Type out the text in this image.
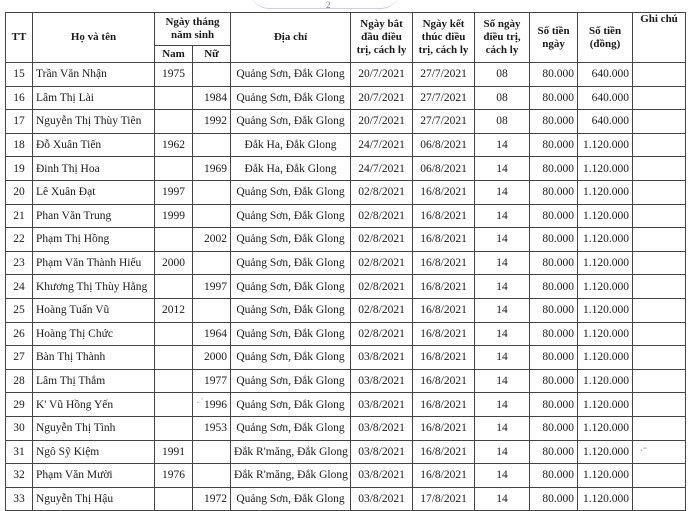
2
TT	Họ và tên	Ngày tháng năm sinh		Địa chỉ	Ngày bắt đầu điều trị, cách ly	Ngày kết thúc điều trị, cách ly	Số ngày điều trị, cách ly	Số tiền ngày	Số tiền (đồng)	Ghi chú
		Nam	Nữ							
15	Trần Văn Nhận	1975		Quảng Sơn, Đắk Glong	20/7/2021	27/7/2021	08	80.000	640.000	
16	Lâm Thị Lài		1984	Quảng Sơn, Đắk Glong	20/7/2021	27/7/2021	08	80.000	640.000	
17	Nguyễn Thị Thùy Tiên		1992	Quảng Sơn, Đắk Glong	20/7/2021	27/7/2021	08	80.000	640.000	
18	Đỗ Xuân Tiến	1962		Đắk Ha, Đắk Glong	24/7/2021	06/8/2021	14	80.000	1.120.000	
19	Đinh Thị Hoa		1969	Đắk Ha, Đắk Glong	24/7/2021	06/8/2021	14	80.000	1.120.000	
20	Lê Xuân Đạt	1997		Quảng Sơn, Đắk Glong	02/8/2021	16/8/2021	14	80.000	1.120.000	
21	Phan Văn Trung	1999		Quảng Sơn, Đắk Glong	02/8/2021	16/8/2021	14	80.000	1.120.000	
22	Phạm Thị Hồng		2002	Quảng Sơn, Đắk Glong	02/8/2021	16/8/2021	14	80.000	1.120.000	
23	Phạm Văn Thành Hiếu	2000		Quảng Sơn, Đắk Glong	02/8/2021	16/8/2021	14	80.000	1.120.000	
24	Khương Thị Thùy Hằng		1997	Quảng Sơn, Đắk Glong	02/8/2021	16/8/2021	14	80.000	1.120.000	
25	Hoàng Tuấn Vũ	2012		Quảng Sơn, Đắk Glong	02/8/2021	16/8/2021	14	80.000	1.120.000	
26	Hoàng Thị Chức		1964	Quảng Sơn, Đắk Glong	02/8/2021	16/8/2021	14	80.000	1.120.000	
27	Bàn Thị Thành		2000	Quảng Sơn, Đắk Glong	03/8/2021	16/8/2021	14	80.000	1.120.000	
28	Lâm Thị Thắm		1977	Quảng Sơn, Đắk Glong	03/8/2021	16/8/2021	14	80.000	1.120.000	
29	K' Vũ Hồng Yến		1996	Quảng Sơn, Đắk Glong	03/8/2021	16/8/2021	14	80.000	1.120.000	
30	Nguyễn Thị Tình		1953	Quảng Sơn, Đắk Glong	03/8/2021	16/8/2021	14	80.000	1.120.000	
31	Ngô Sỹ Kiệm	1991		Đắk R'măng, Đắk Glong	03/8/2021	16/8/2021	14	80.000	1.120.000	
32	Phạm Văn Mười	1976		Đắk R'măng, Đắk Glong	03/8/2021	16/8/2021	14	80.000	1.120.000	
33	Nguyễn Thị Hậu		1972	Quảng Sơn, Đắk Glong	03/8/2021	17/8/2021	14	80.000	1.120.000	
·˙
.-
